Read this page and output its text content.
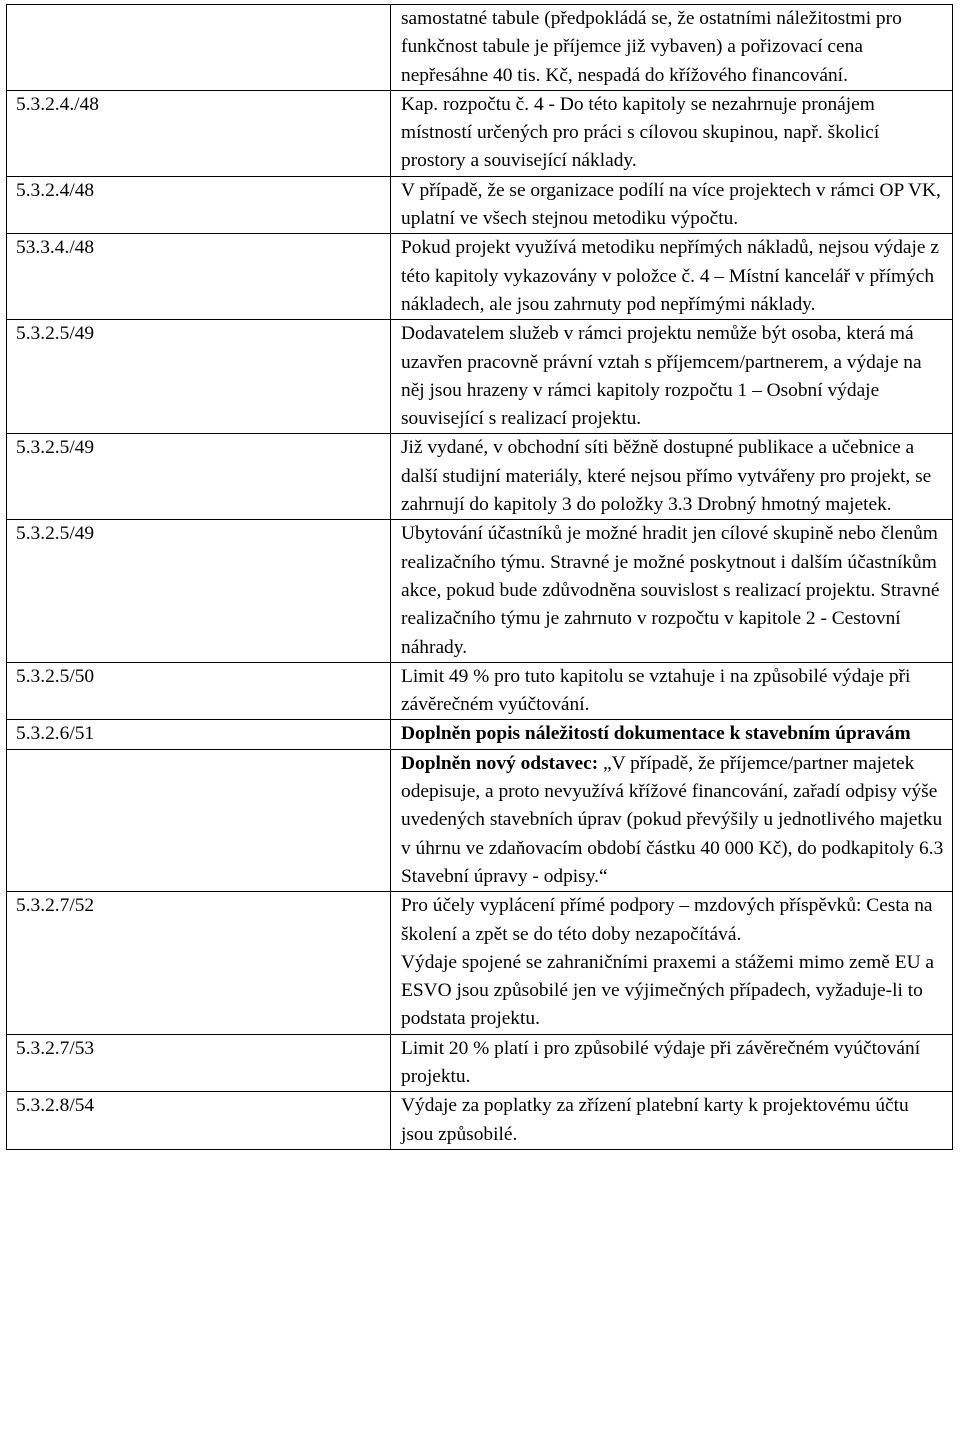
	samostatné tabule (předpokládá se, že ostatními náležitostmi pro funkčnost tabule je příjemce již vybaven) a pořizovací cena nepřesáhne 40 tis. Kč, nespadá do křížového financování.

5.3.2.4./48	Kap. rozpočtu č. 4 - Do této kapitoly se nezahrnuje pronájem místností určených pro práci s cílovou skupinou, např. školicí prostory a související náklady.

5.3.2.4/48	V případě, že se organizace podílí na více projektech v rámci OP VK, uplatní ve všech stejnou metodiku výpočtu.

53.3.4./48	Pokud projekt využívá metodiku nepřímých nákladů, nejsou výdaje z této kapitoly vykazovány v položce č. 4 – Místní kancelář v přímých nákladech, ale jsou zahrnuty pod nepřímými náklady.

5.3.2.5/49	Dodavatelem služeb v rámci projektu nemůže být osoba, která má uzavřen pracovně právní vztah s příjemcem/partnerem, a výdaje na něj jsou hrazeny v rámci kapitoly rozpočtu 1 – Osobní výdaje související s realizací projektu.

5.3.2.5/49	Již vydané, v obchodní síti běžně dostupné publikace a učebnice a další studijní materiály, které nejsou přímo vytvářeny pro projekt, se zahrnují do kapitoly 3 do položky 3.3 Drobný hmotný majetek.

5.3.2.5/49	Ubytování účastníků je možné hradit jen cílové skupině nebo členům realizačního týmu. Stravné je možné poskytnout i dalším účastníkům akce, pokud bude zdůvodněna souvislost s realizací projektu. Stravné realizačního týmu je zahrnuto v rozpočtu v kapitole 2 - Cestovní náhrady.

5.3.2.5/50	Limit 49 % pro tuto kapitolu se vztahuje i na způsobilé výdaje při závěrečném vyúčtování.

5.3.2.6/51	Doplněn popis náležitostí dokumentace k stavebním úpravám

	Doplněn nový odstavec: „V případě, že příjemce/partner majetek odepisuje, a proto nevyužívá křížové financování, zařadí odpisy výše uvedených stavebních úprav (pokud převýšily u jednotlivého majetku v úhrnu ve zdaňovacím období částku 40 000 Kč), do podkapitoly 6.3 Stavební úpravy - odpisy.“

5.3.2.7/52	Pro účely vyplácení přímé podpory – mzdových příspěvků: Cesta na školení a zpět se do této doby nezapočítává.
Výdaje spojené se zahraničními praxemi a stážemi mimo země EU a ESVO jsou způsobilé jen ve výjimečných případech, vyžaduje-li to podstata projektu.

5.3.2.7/53	Limit 20 % platí i pro způsobilé výdaje při závěrečném vyúčtování projektu.

5.3.2.8/54	Výdaje za poplatky za zřízení platební karty k projektovému účtu jsou způsobilé.
